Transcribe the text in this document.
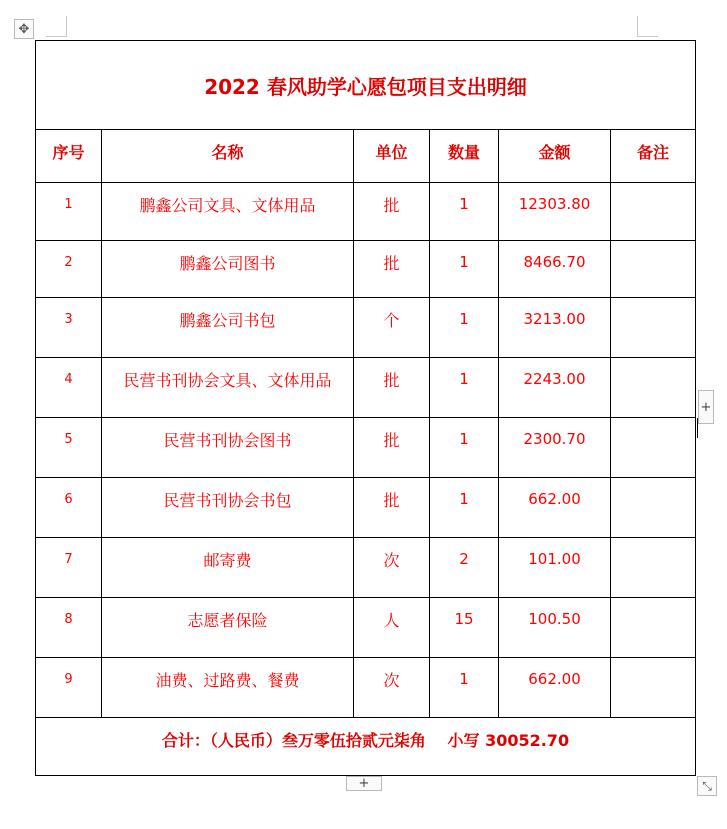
✥
2022 春风助学心愿包项目支出明细					
序号	名称	单位	数量	金额	备注
1	鹏鑫公司文具、文体用品	批	1	12303.80	
2	鹏鑫公司图书	批	1	8466.70	
3	鹏鑫公司书包	个	1	3213.00	
4	民营书刊协会文具、文体用品	批	1	2243.00	
5	民营书刊协会图书	批	1	2300.70	
6	民营书刊协会书包	批	1	662.00	
7	邮寄费	次	2	101.00	
8	志愿者保险	人	15	100.50	
9	油费、过路费、餐费	次	1	662.00	
合计：（人民币）叁万零伍拾贰元柒角　 小写 30052.70					
+
+	⤡
